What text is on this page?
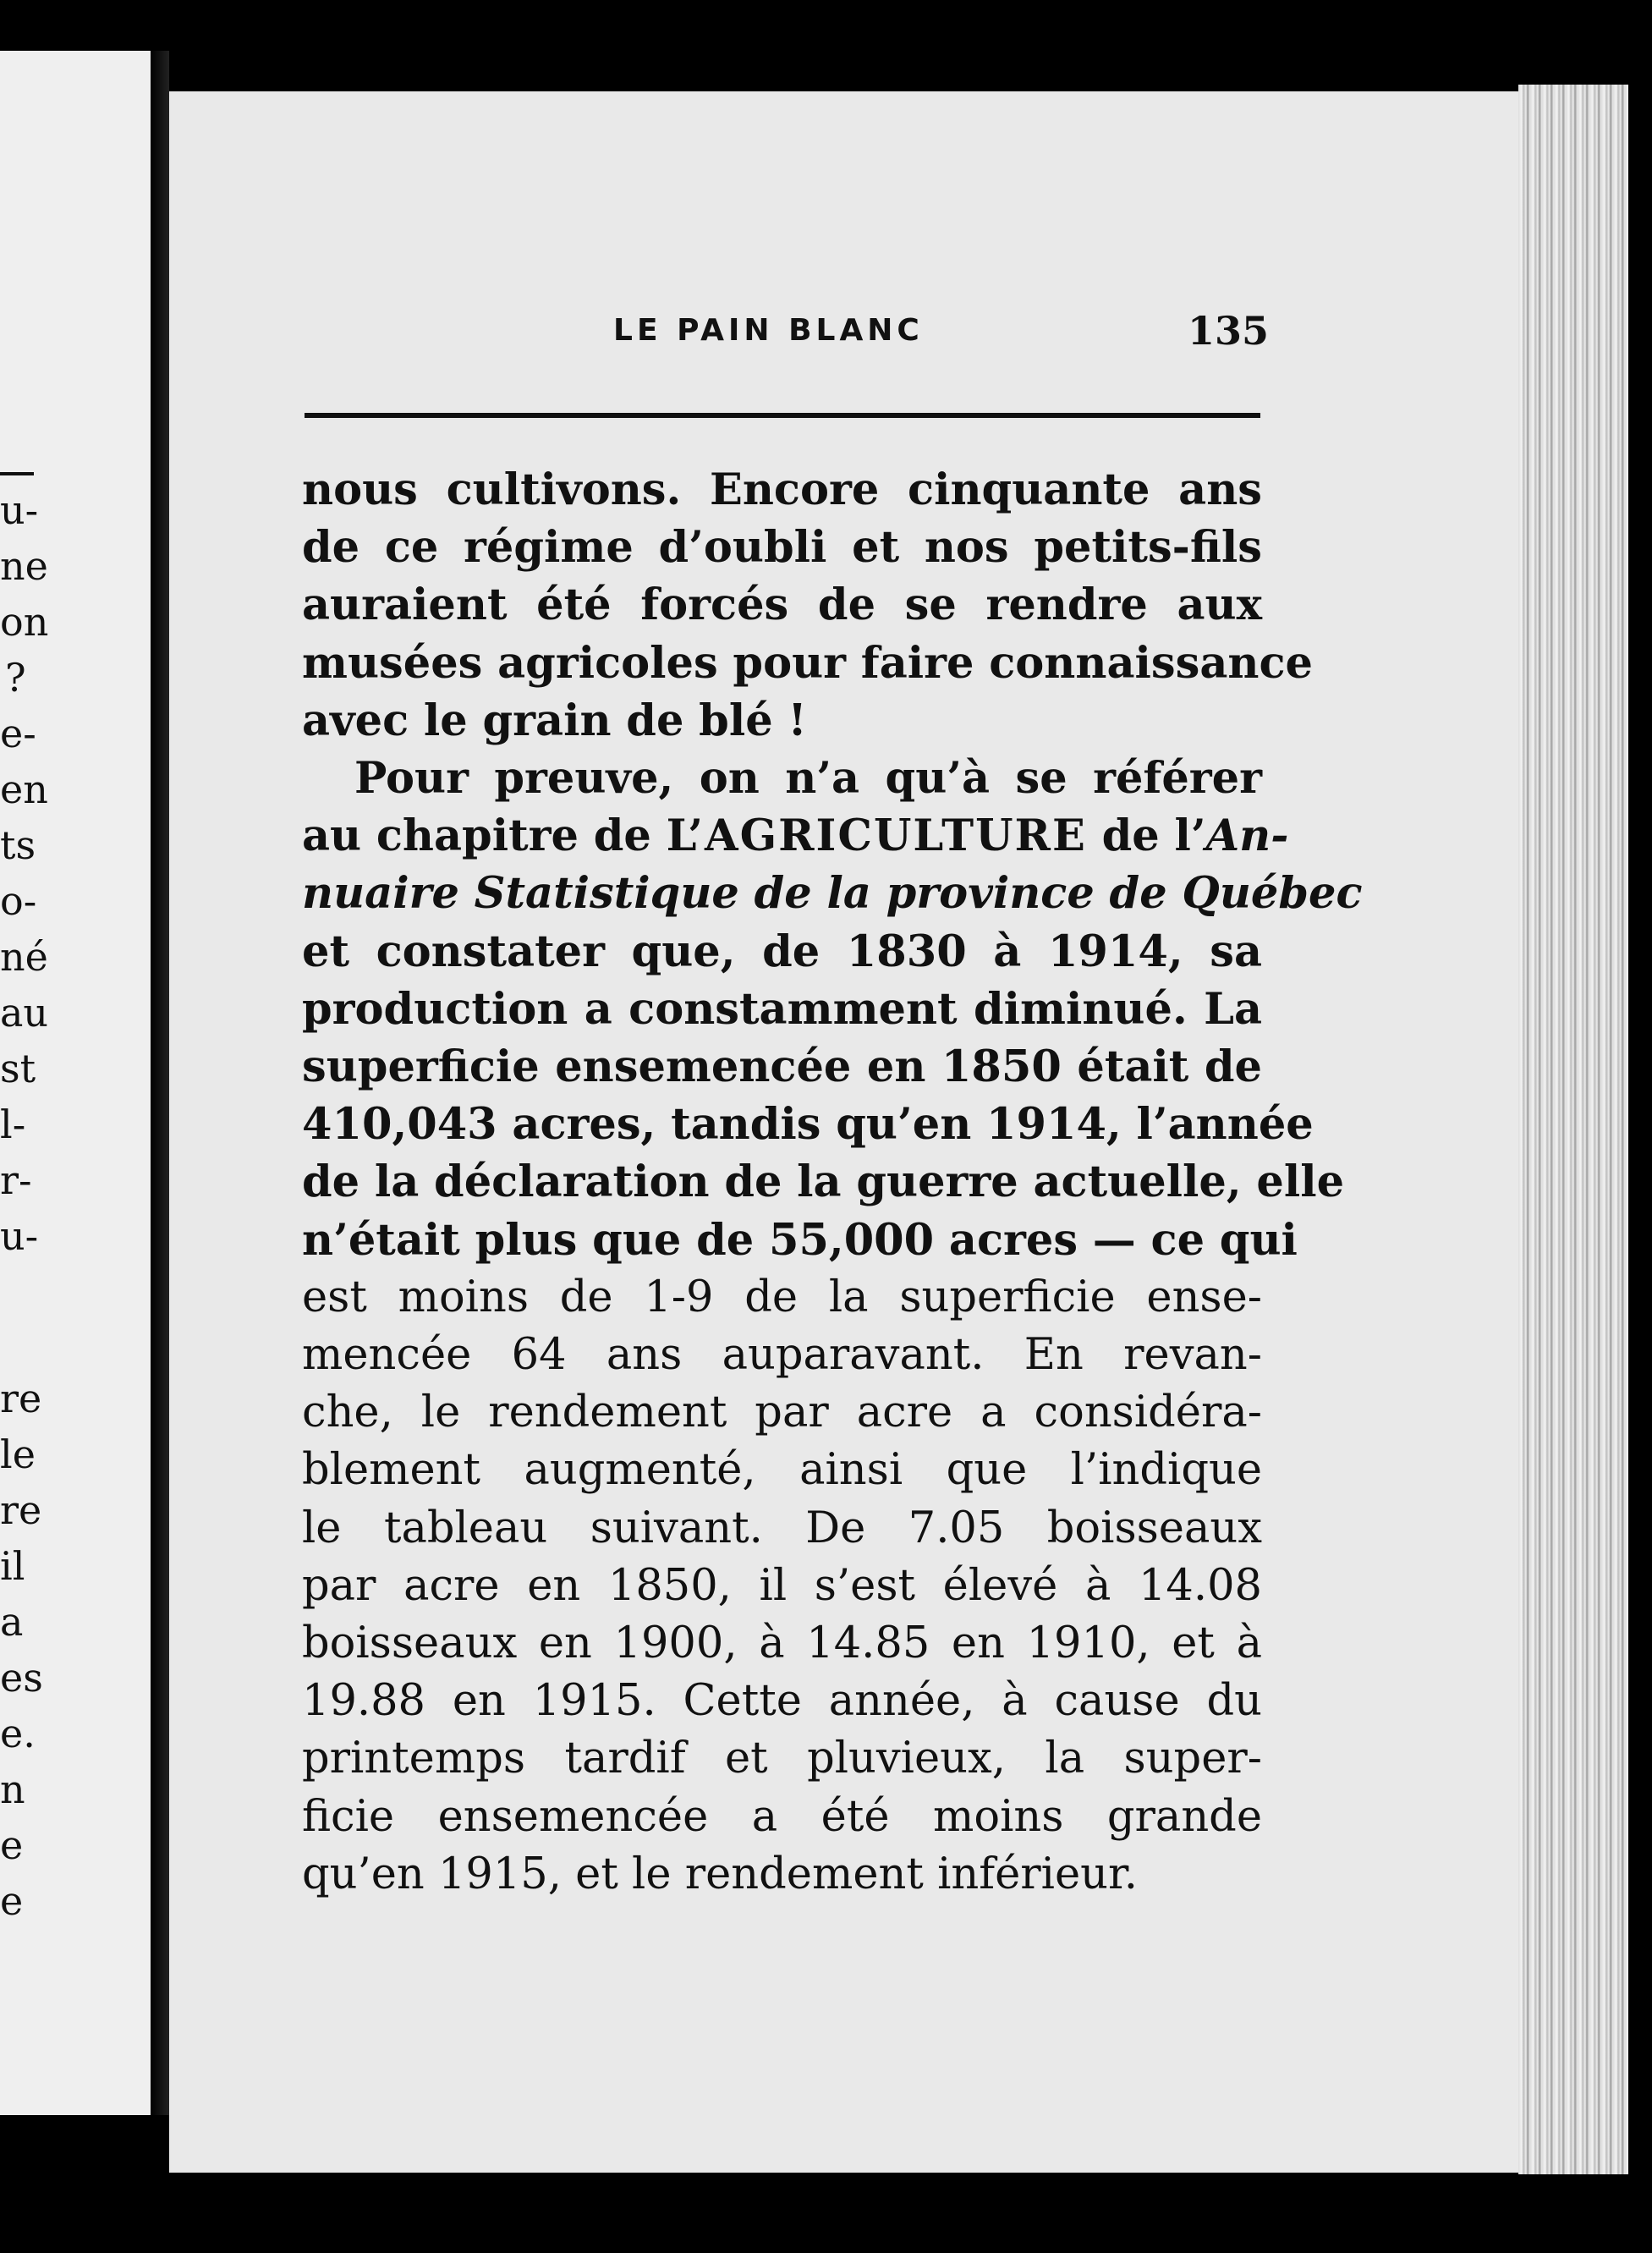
u-
ne
on
?
e-
en
ts
o-
né
au
st
l-
r-
u-
re
le
re
il
a
es
e.
n
e
e
LE PAIN BLANC	135
nous cultivons. Encore cinquante ans
de ce régime d’oubli et nos petits-fils
auraient été forcés de se rendre aux
musées agricoles pour faire connaissance
avec le grain de blé !
Pour preuve, on n’a qu’à se référer
au chapitre de L’AGRICULTURE de l’An-
nuaire Statistique de la province de Québec
et constater que, de 1830 à 1914, sa
production a constamment diminué. La
superficie ensemencée en 1850 était de
410,043 acres, tandis qu’en 1914, l’année
de la déclaration de la guerre actuelle, elle
n’était plus que de 55,000 acres — ce qui
est moins de 1-9 de la superficie ense-
mencée 64 ans auparavant. En revan-
che, le rendement par acre a considéra-
blement augmenté, ainsi que l’indique
le tableau suivant. De 7.05 boisseaux
par acre en 1850, il s’est élevé à 14.08
boisseaux en 1900, à 14.85 en 1910, et à
19.88 en 1915. Cette année, à cause du
printemps tardif et pluvieux, la super-
ficie ensemencée a été moins grande
qu’en 1915, et le rendement inférieur.
